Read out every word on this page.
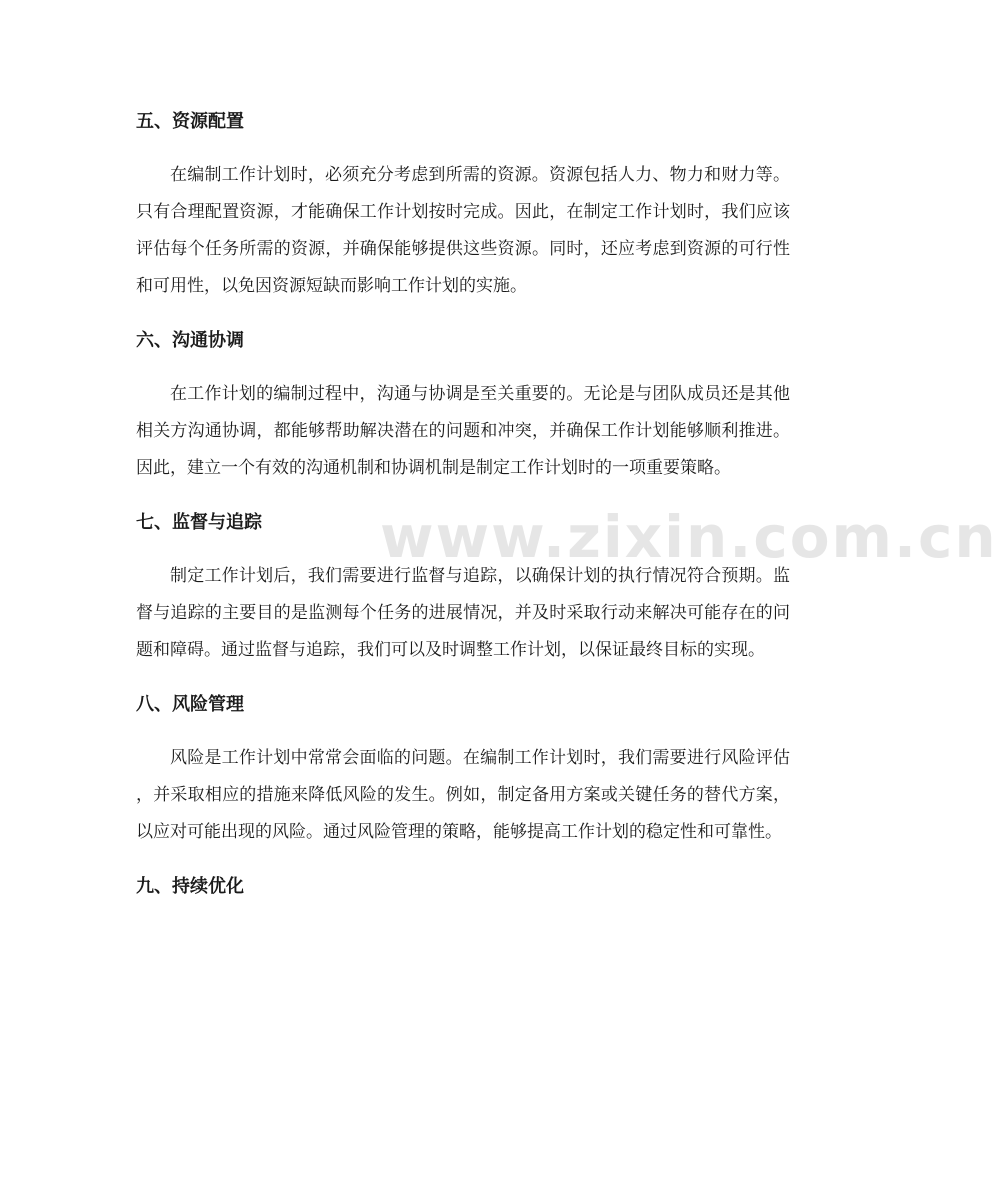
www.zixin.com.cn
五、资源配置

在编制工作计划时，必须充分考虑到所需的资源。资源包括人力、物力和财力等。只有合理配置资源，才能确保工作计划按时完成。因此，在制定工作计划时，我们应该评估每个任务所需的资源，并确保能够提供这些资源。同时，还应考虑到资源的可行性和可用性，以免因资源短缺而影响工作计划的实施。

六、沟通协调

在工作计划的编制过程中，沟通与协调是至关重要的。无论是与团队成员还是其他相关方沟通协调，都能够帮助解决潜在的问题和冲突，并确保工作计划能够顺利推进。因此，建立一个有效的沟通机制和协调机制是制定工作计划时的一项重要策略。

七、监督与追踪

制定工作计划后，我们需要进行监督与追踪，以确保计划的执行情况符合预期。监督与追踪的主要目的是监测每个任务的进展情况，并及时采取行动来解决可能存在的问题和障碍。通过监督与追踪，我们可以及时调整工作计划，以保证最终目标的实现。

八、风险管理

风险是工作计划中常常会面临的问题。在编制工作计划时，我们需要进行风险评估，并采取相应的措施来降低风险的发生。例如，制定备用方案或关键任务的替代方案，以应对可能出现的风险。通过风险管理的策略，能够提高工作计划的稳定性和可靠性。

九、持续优化
